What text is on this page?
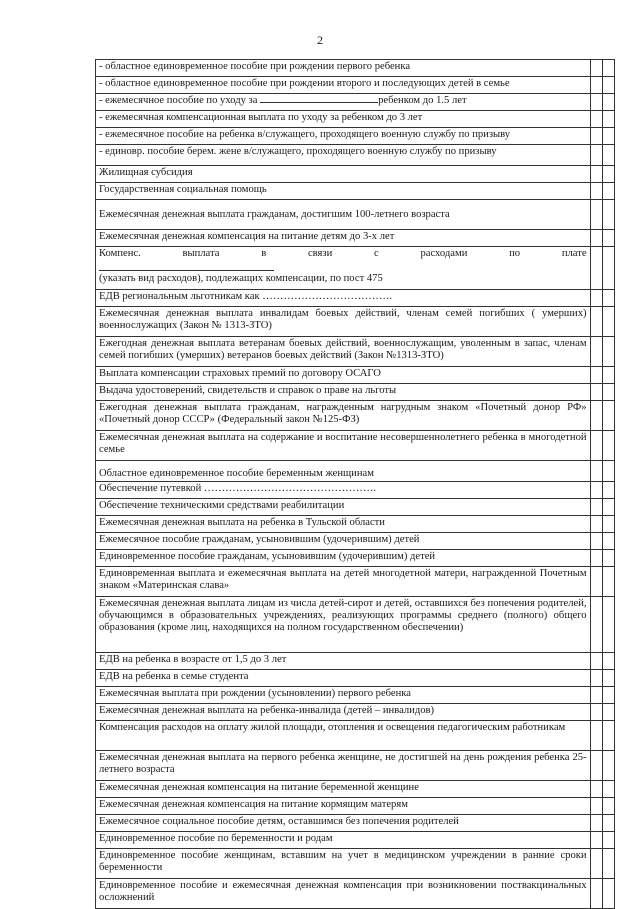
2
- областное единовременное пособие при рождении первого ребенка		
- областное единовременное пособие при рождении второго и последующих детей в семье		
- ежемесячное пособие по уходу за ребенком до 1.5 лет		
- ежемесячная компенсационная выплата по уходу за ребенком до 3 лет		
- ежемесячное пособие на ребенка в/служащего, проходящего военную службу по призыву		
- единовр. пособие берем. жене в/служащего, проходящего военную службу по призыву		
Жилищная субсидия		
Государственная социальная помощь		
Ежемесячная денежная выплата гражданам, достигшим 100-летнего возраста		
Ежемесячная денежная компенсация на питание детям до 3-х лет		

Компенс. выплата в связи с расходами по плате
(указать вид расходов), подлежащих компенсации, по пост 475		

ЕДВ региональным льготникам как ……………………………….		
Ежемесячная денежная выплата инвалидам боевых действий, членам семей погибших ( умерших) военнослужащих (Закон № 1313-ЗТО)		
Ежегодная денежная выплата ветеранам боевых действий, военнослужащим, уволенным в запас, членам семей погибших (умерших) ветеранов боевых действий (Закон №1313-ЗТО)		
Выплата компенсации страховых премий по договору ОСАГО		
Выдача удостоверений, свидетельств и справок о праве на льготы		
Ежегодная денежная выплата гражданам, награжденным нагрудным знаком «Почетный донор РФ» «Почетный донор СССР» (Федеральный закон №125-ФЗ)		
Ежемесячная денежная выплата на содержание и воспитание несовершеннолетнего ребенка в многодетной семье		
Областное единовременное пособие беременным женщинам		
Обеспечение путевкой ………………………………………….		
Обеспечение техническими средствами реабилитации		
Ежемесячная денежная выплата на ребенка в Тульской области		
Ежемесячное пособие гражданам, усыновившим (удочерившим) детей		
Единовременное пособие гражданам, усыновившим (удочерившим) детей		
Единовременная выплата и ежемесячная выплата на детей многодетной матери, награжденной Почетным знаком «Материнская слава»		
Ежемесячная денежная выплата лицам из числа детей-сирот и детей, оставшихся без попечения родителей, обучающимся в образовательных учреждениях, реализующих программы среднего (полного) общего образования (кроме лиц, находящихся на полном государственном обеспечении)		
ЕДВ на ребенка в возрасте от 1,5 до 3 лет		
ЕДВ на ребенка в семье студента		
Ежемесячная выплата при рождении (усыновлении) первого ребенка		
Ежемесячная денежная выплата на ребенка-инвалида (детей – инвалидов)		
Компенсация расходов на оплату жилой площади, отопления и освещения педагогическим работникам		
Ежемесячная денежная выплата на первого ребенка женщине, не достигшей на день рождения ребенка 25-летнего возраста		
Ежемесячная денежная компенсация на питание беременной женщине		
Ежемесячная денежная компенсация на питание кормящим матерям		
Ежемесячное социальное пособие детям, оставшимся без попечения родителей		
Единовременное пособие по беременности и родам		
Единовременное пособие женщинам, вставшим на учет в медицинском учреждении в ранние сроки беременности		
Единовременное пособие и ежемесячная денежная компенсация при возникновении поствакцинальных осложнений		
